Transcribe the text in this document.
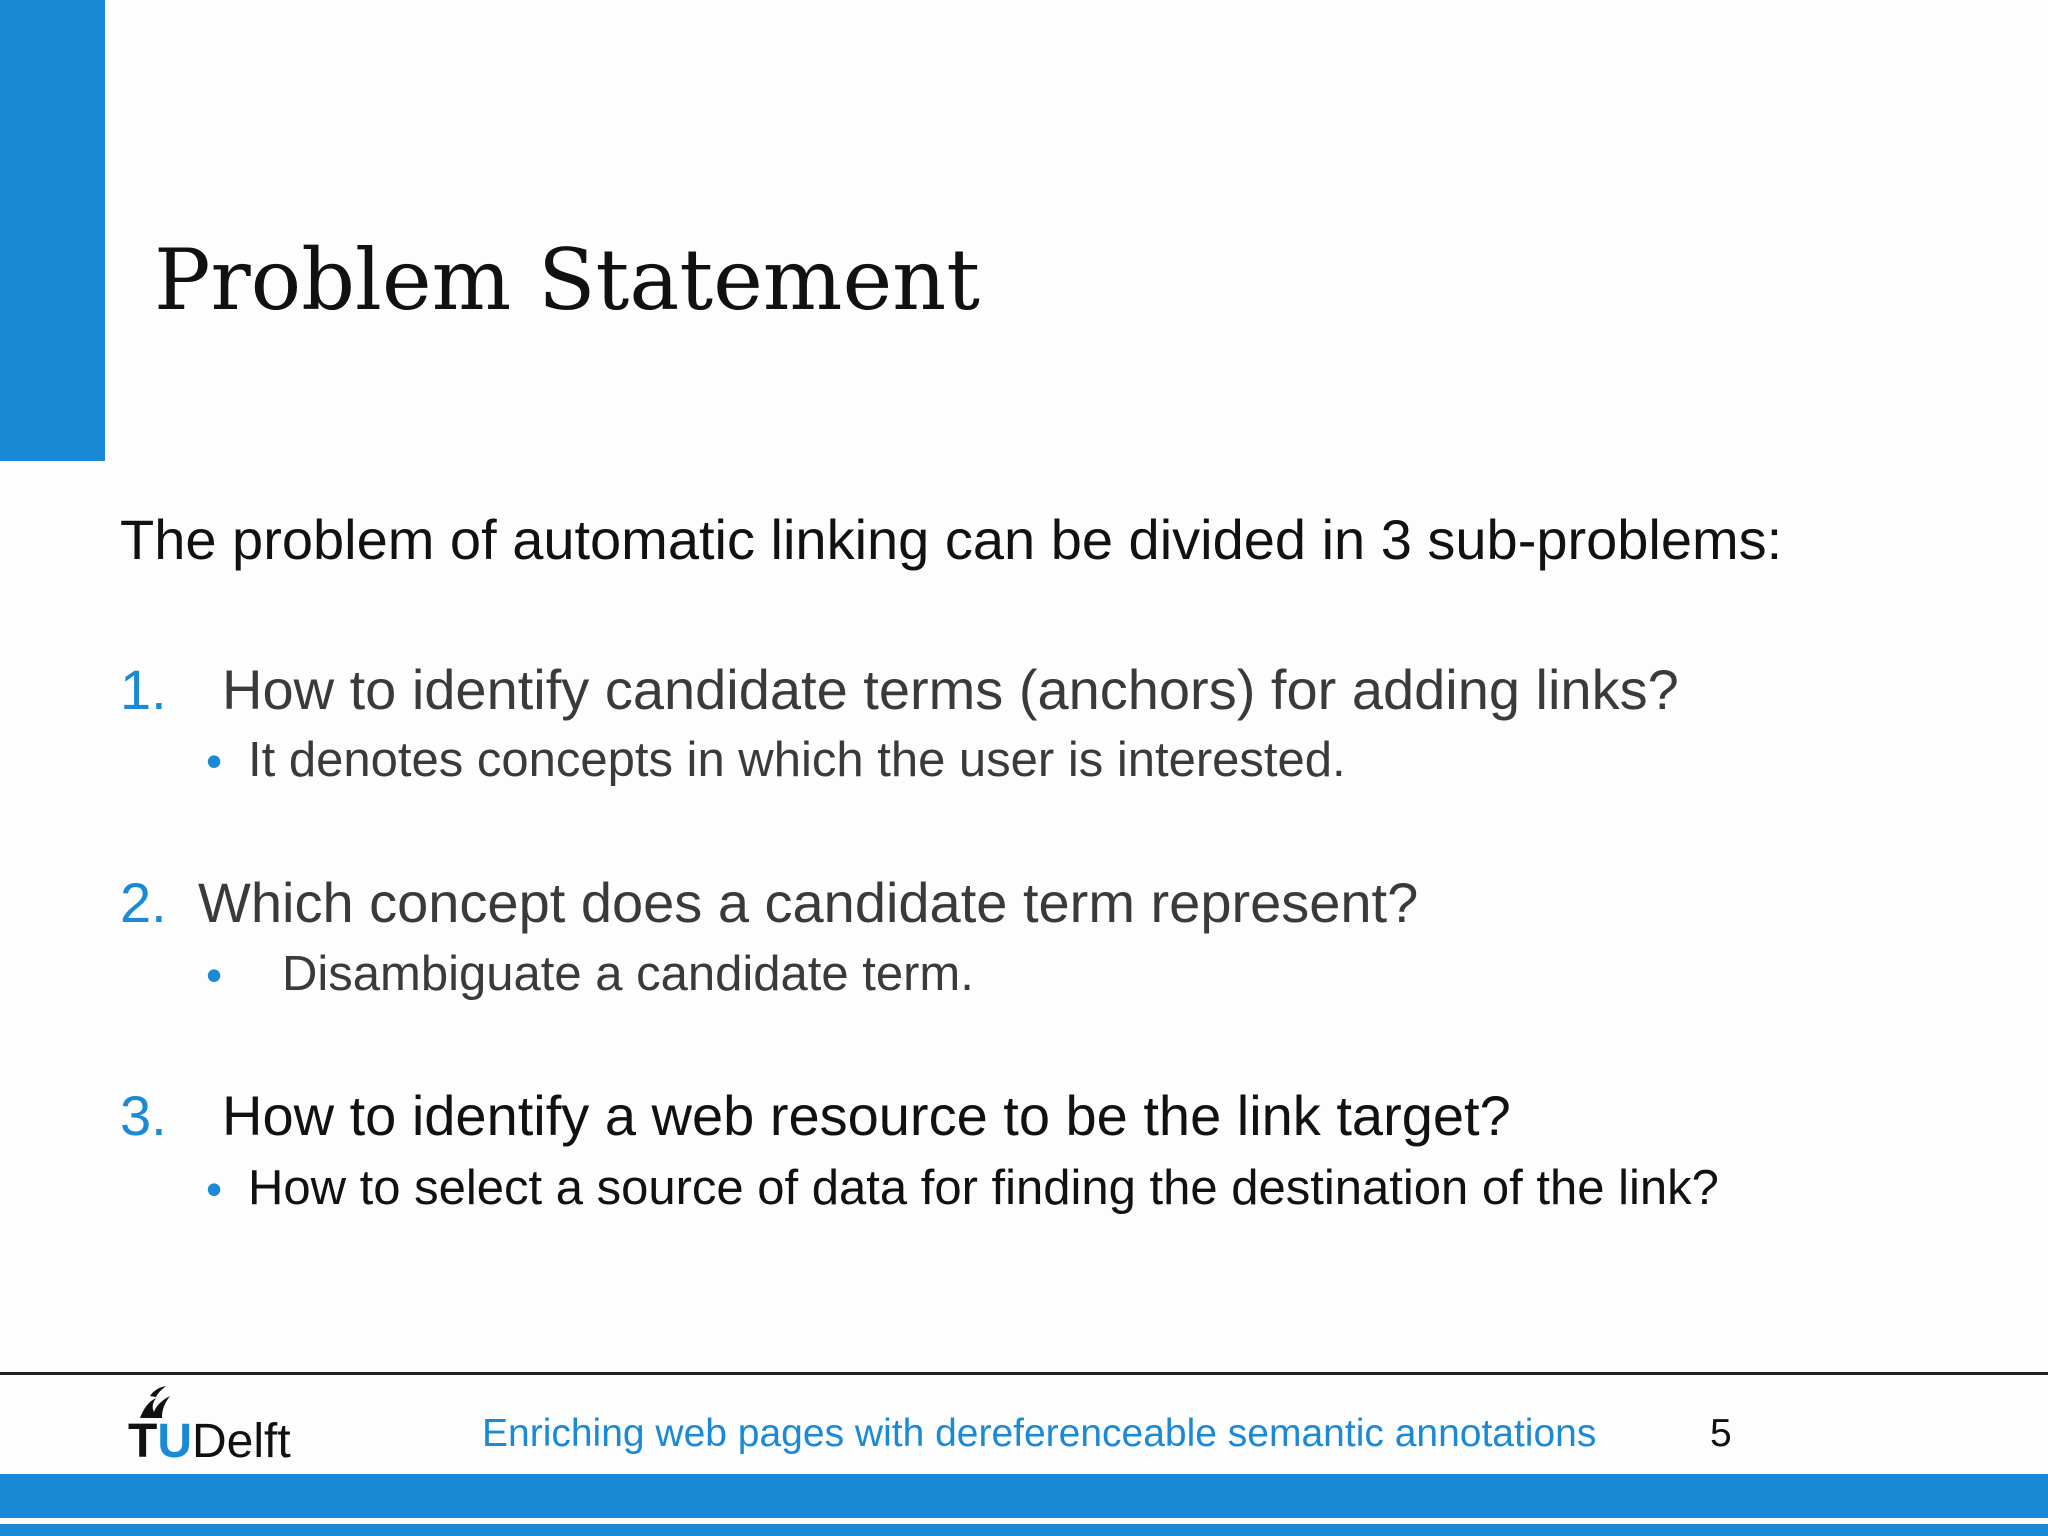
Problem Statement
The problem of automatic linking can be divided in 3 sub-problems:
1. How to identify candidate terms (anchors) for adding links?
• It denotes concepts in which the user is interested.
2. Which concept does a candidate term represent?
• Disambiguate a candidate term.
3. How to identify a web resource to be the link target?
• How to select a source of data for finding the destination of the link?
TUDelft	Enriching web pages with dereferenceable semantic annotations	5
